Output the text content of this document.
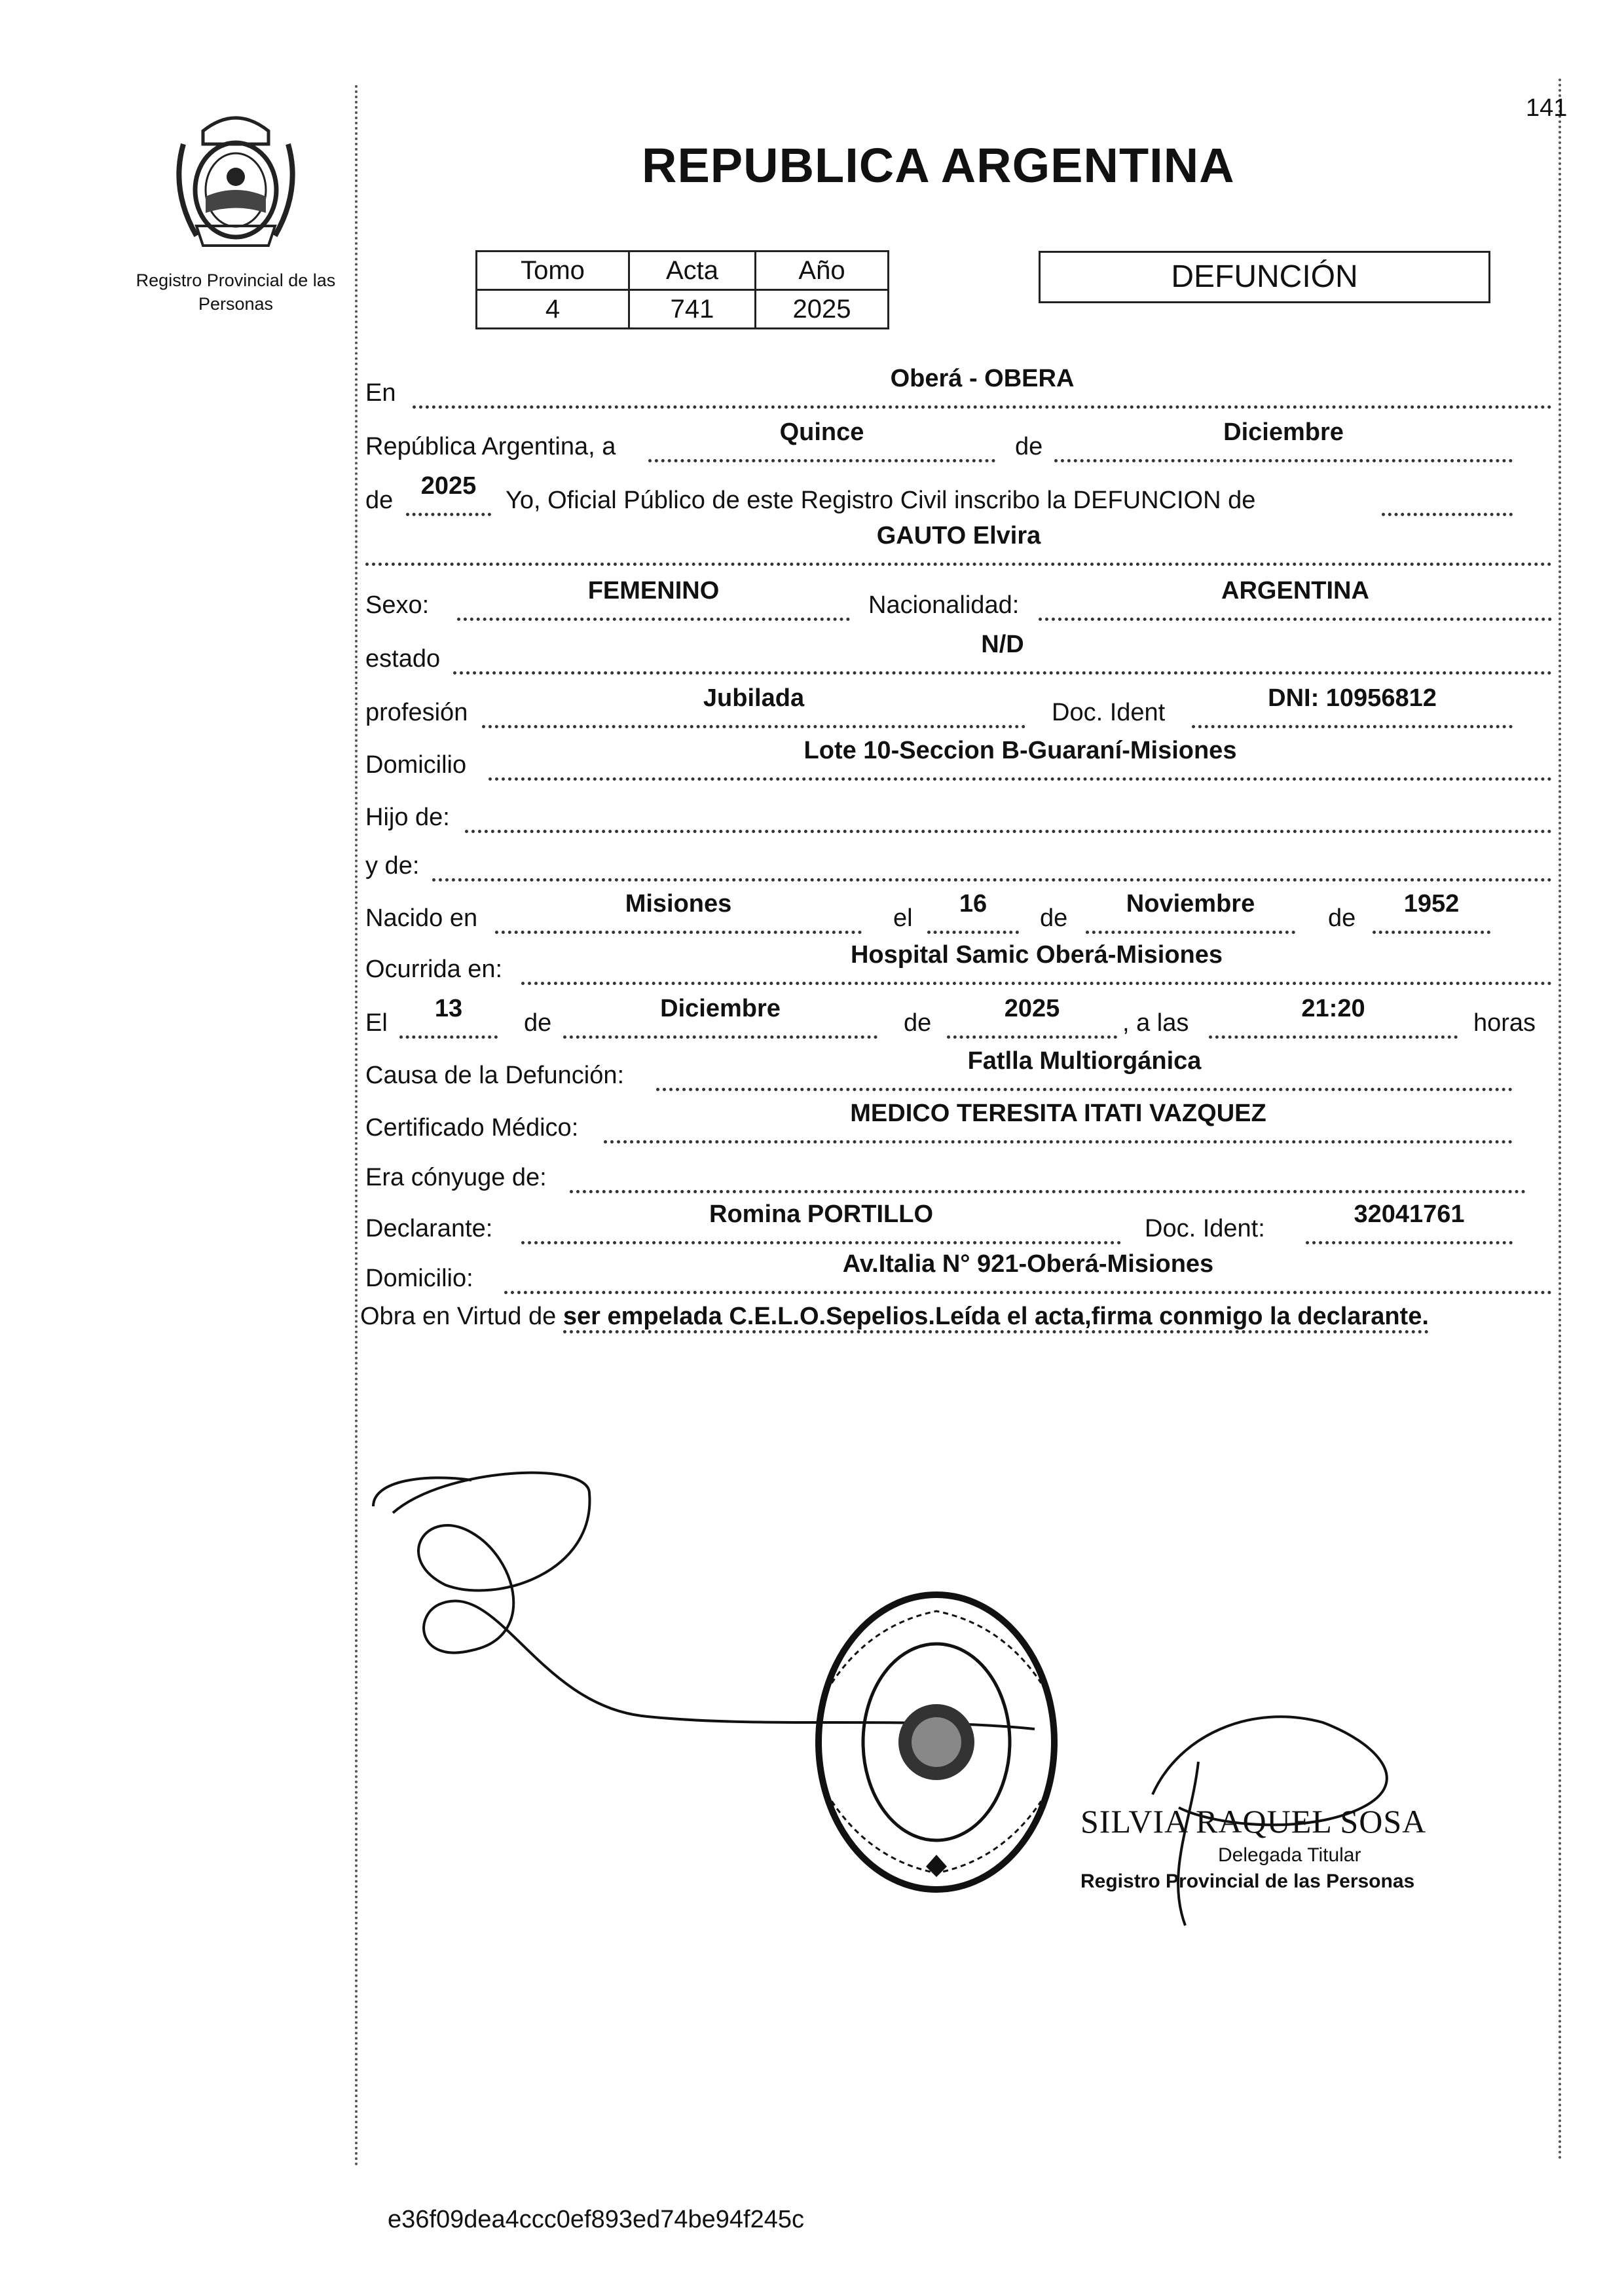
141
Registro Provincial de las Personas
REPUBLICA ARGENTINA
Tomo	Acta	Año
4	741	2025
DEFUNCIÓN
En
Oberá - OBERA
República Argentina, a
Quince
de
Diciembre
de
2025
Yo, Oficial Público de este Registro Civil inscribo la DEFUNCION de
GAUTO Elvira
Sexo:
FEMENINO
Nacionalidad:
ARGENTINA
estado
N/D
profesión
Jubilada
Doc. Ident
DNI: 10956812
Domicilio
Lote 10-Seccion B-Guaraní-Misiones
Hijo de:
y de:
Nacido en
Misiones
el
16
de
Noviembre
de
1952
Ocurrida en:
Hospital Samic Oberá-Misiones
El
13
de
Diciembre
de
2025
, a las
21:20
horas
Causa de la Defunción:
Fatlla Multiorgánica
Certificado Médico:
MEDICO TERESITA ITATI VAZQUEZ
Era cónyuge de:
Declarante:
Romina PORTILLO
Doc. Ident:
32041761
Domicilio:
Av.Italia N° 921-Oberá-Misiones
Obra en Virtud de ser empelada C.E.L.O.Sepelios.Leída el acta,firma conmigo la declarante.
SILVIA RAQUEL SOSA
Delegada Titular
Registro Provincial de las Personas
e36f09dea4ccc0ef893ed74be94f245c
